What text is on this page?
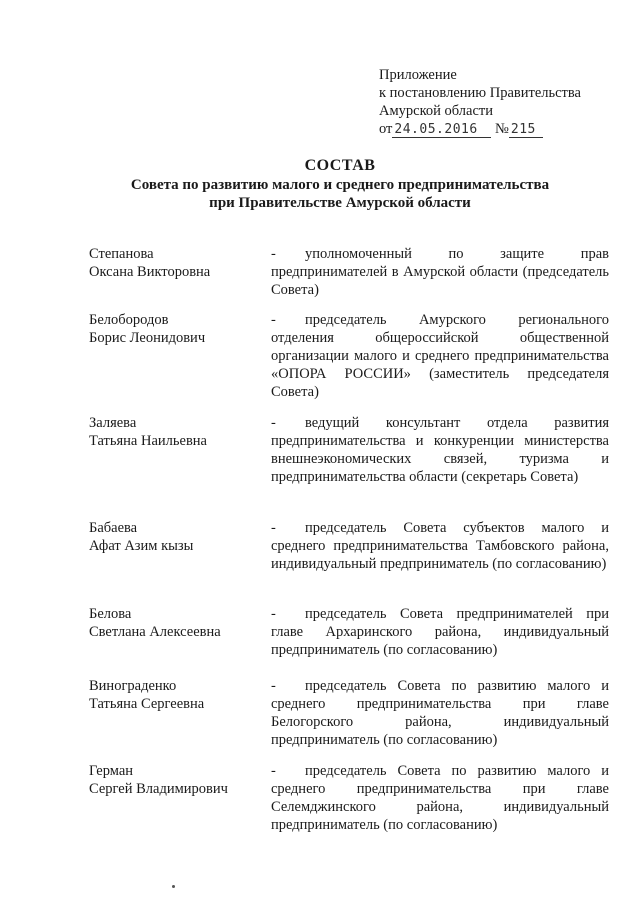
Приложение
к постановлению Правительства
Амурской области
от 24.05.2016 № 215
СОСТАВ
Совета по развитию малого и среднего предпринимательства
при Правительстве Амурской области
Степанова
Оксана Викторовна
- уполномоченный по защите прав предпринимателей в Амурской области (председатель Совета)
Белобородов
Борис Леонидович
- председатель Амурского регионального отделения общероссийской общественной организации малого и среднего предпринимательства «ОПОРА РОССИИ» (заместитель председателя Совета)
Заляева
Татьяна Наильевна
- ведущий консультант отдела развития предпринимательства и конкуренции министерства внешнеэкономических связей, туризма и предпринимательства области (секретарь Совета)
Бабаева
Афат Азим кызы
- председатель Совета субъектов малого и среднего предпринимательства Тамбовского района, индивидуальный предприниматель (по согласованию)
Белова
Светлана Алексеевна
- председатель Совета предпринимателей при главе Архаринского района, индивидуальный предприниматель (по согласованию)
Винограденко
Татьяна Сергеевна
- председатель Совета по развитию малого и среднего предпринимательства при главе Белогорского района, индивидуальный предприниматель (по согласованию)
Герман
Сергей Владимирович
- председатель Совета по развитию малого и среднего предпринимательства при главе Селемджинского района, индивидуальный предприниматель (по согласованию)
